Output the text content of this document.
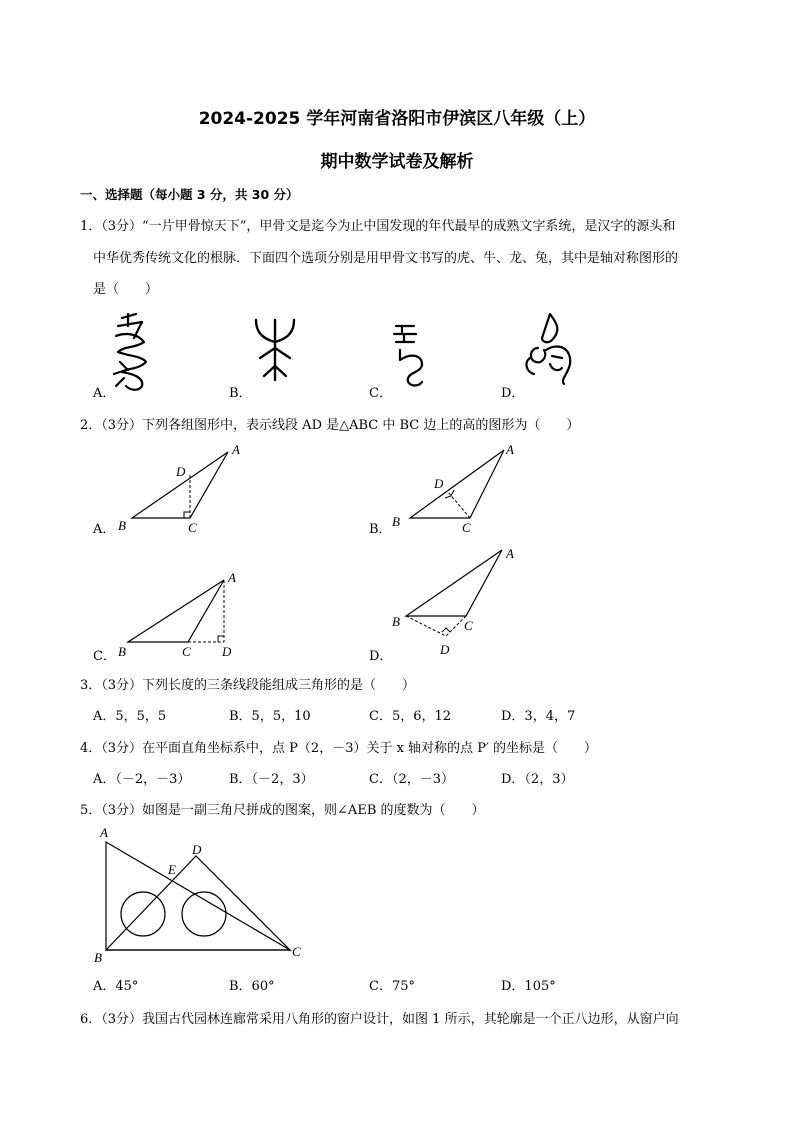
2024-2025 学年河南省洛阳市伊滨区八年级（上）
期中数学试卷及解析
一、选择题（每小题 3 分，共 30 分）
1．（3分）“一片甲骨惊天下”，甲骨文是迄今为止中国发现的年代最早的成熟文字系统，是汉字的源头和
中华优秀传统文化的根脉．下面四个选项分别是用甲骨文书写的虎、牛、龙、兔，其中是轴对称图形的
是（　　）
A．	B．	C．	D．
2．（3分）下列各组图形中，表示线段 AD 是△ABC 中 BC 边上的高的图形为（　　）
A
B	C
D
A．
A
B	C
D
B．
A
B	C D
C．
A
B	C
D
D．
3．（3分）下列长度的三条线段能组成三角形的是（　　）
A．5，5，5	B．5，5，10	C．5，6，12	D．3，4，7
4．（3分）在平面直角坐标系中，点 P（2，－3）关于 x 轴对称的点 P′ 的坐标是（　　）
A．（－2，－3）	B．（－2，3）	C．（2，－3）	D．（2，3）
5．（3分）如图是一副三角尺拼成的图案，则∠AEB 的度数为（　　）
A
B	C
D
E
A．45°	B．60°	C．75°	D．105°
6．（3分）我国古代园林连廊常采用八角形的窗户设计，如图 1 所示，其轮廓是一个正八边形，从窗户向
